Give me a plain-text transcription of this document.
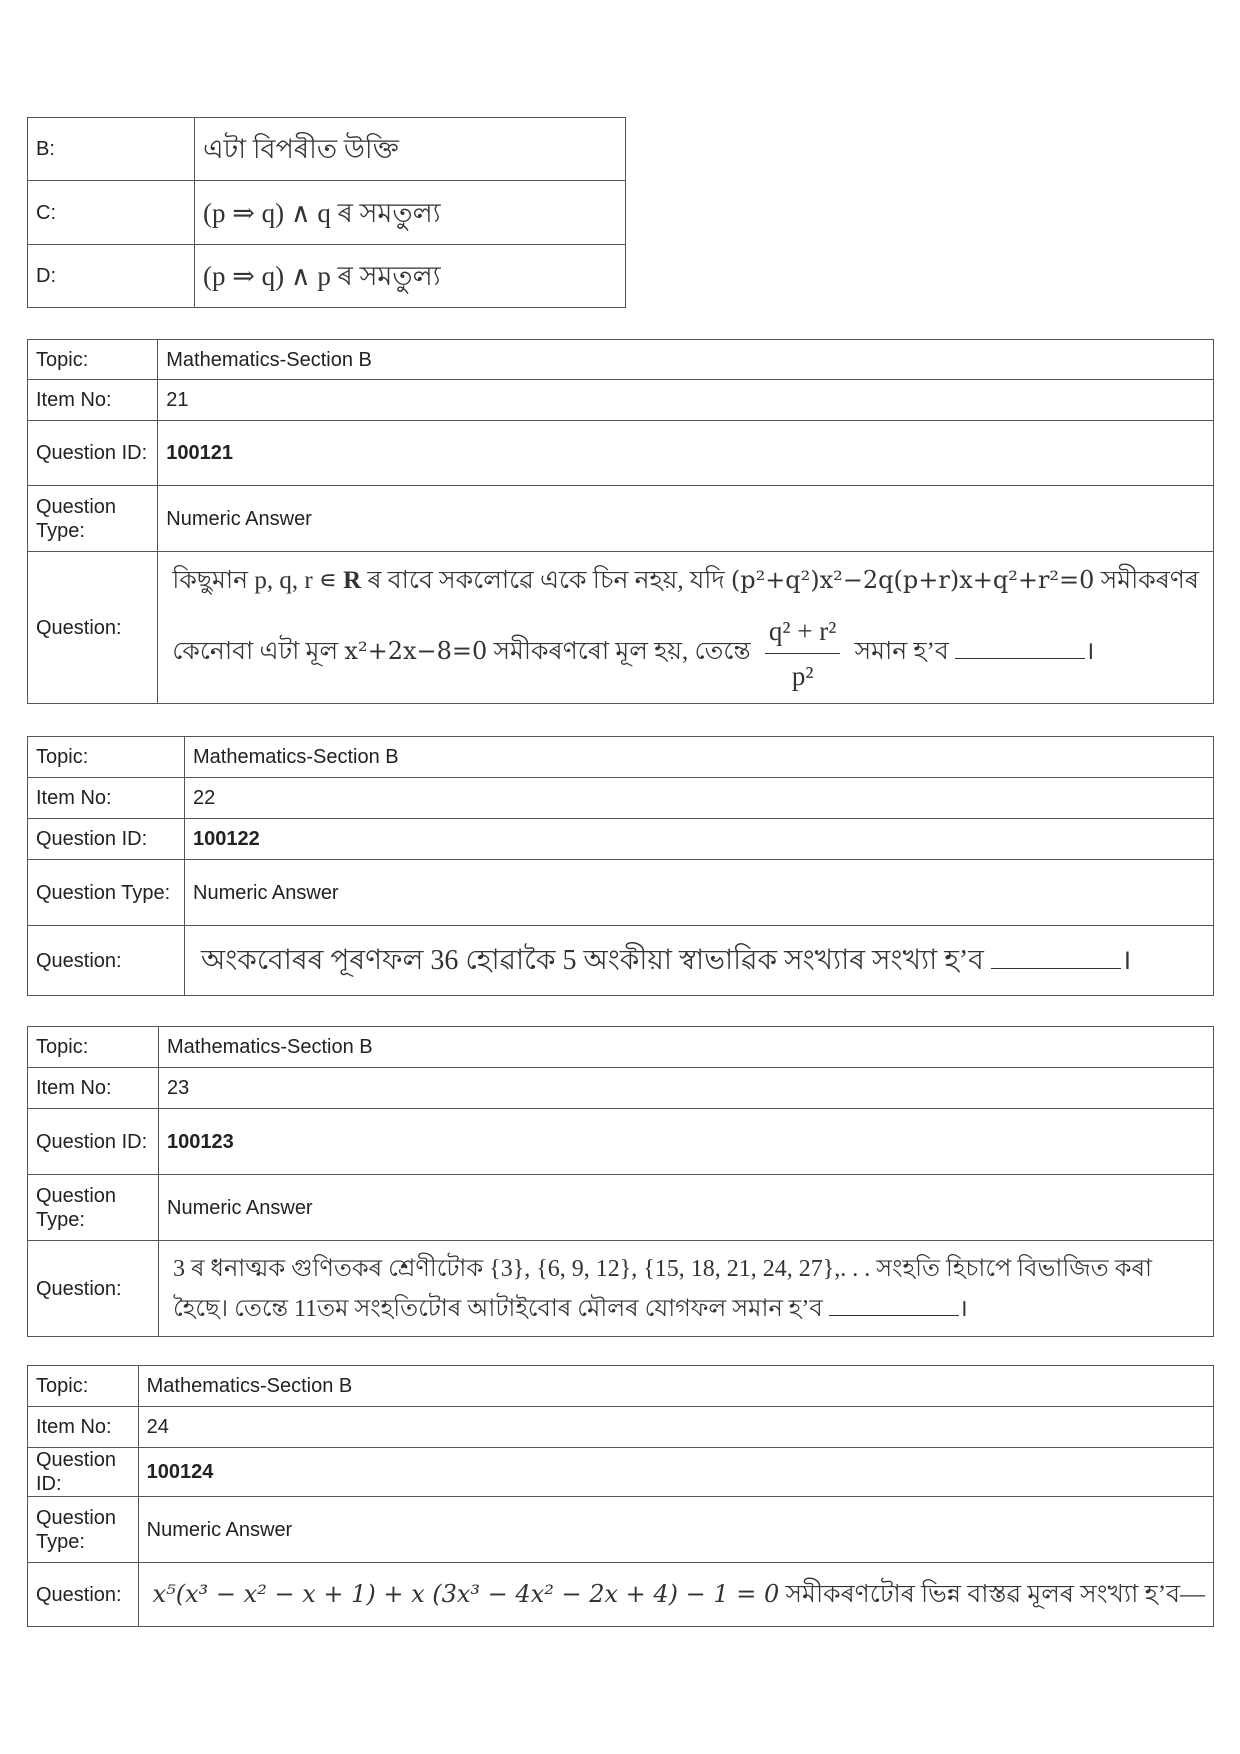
B:	এটা বিপৰীত উক্তি
C:	(p ⇒ q) ∧ q ৰ সমতুল্য
D:	(p ⇒ q) ∧ p ৰ সমতুল্য
Topic:	Mathematics-Section B
Item No:	21
Question ID:	100121
Question Type:	Numeric Answer
Question:	কিছুমান p, q, r ∊ R ৰ বাবে সকলোৱে একে চিন নহয়, যদি (p²+q²)x²−2q(p+r)x+q²+r²=0 সমীকৰণৰ
কেনোবা এটা মূল x²+2x−8=0 সমীকৰণৰো মূল হয়, তেন্তে $\frac{\text{q² + r²}}{\text{p²}}$ সমান হ’ব ।
Topic:	Mathematics-Section B
Item No:	22
Question ID:	100122
Question Type:	Numeric Answer
Question:	অংকবোৰৰ পূৰণফল 36 হোৱাকৈ 5 অংকীয়া স্বাভাৱিক সংখ্যাৰ সংখ্যা হ’ব ।
Topic:	Mathematics-Section B
Item No:	23
Question ID:	100123
Question Type:	Numeric Answer
Question:	3 ৰ ধনাত্মক গুণিতকৰ শ্ৰেণীটোক {3}, {6, 9, 12}, {15, 18, 21, 24, 27},. . . সংহতি হিচাপে বিভাজিত কৰা
হৈছে। তেন্তে 11তম সংহতিটোৰ আটাইবোৰ মৌলৰ যোগফল সমান হ’ব ।
Topic:	Mathematics-Section B
Item No:	24
Question ID:	100124
Question Type:	Numeric Answer
Question:	x⁵(x³ − x² − x + 1) + x (3x³ − 4x² − 2x + 4) − 1 = 0 সমীকৰণটোৰ ভিন্ন বাস্তৱ মূলৰ সংখ্যা হ’ব—
